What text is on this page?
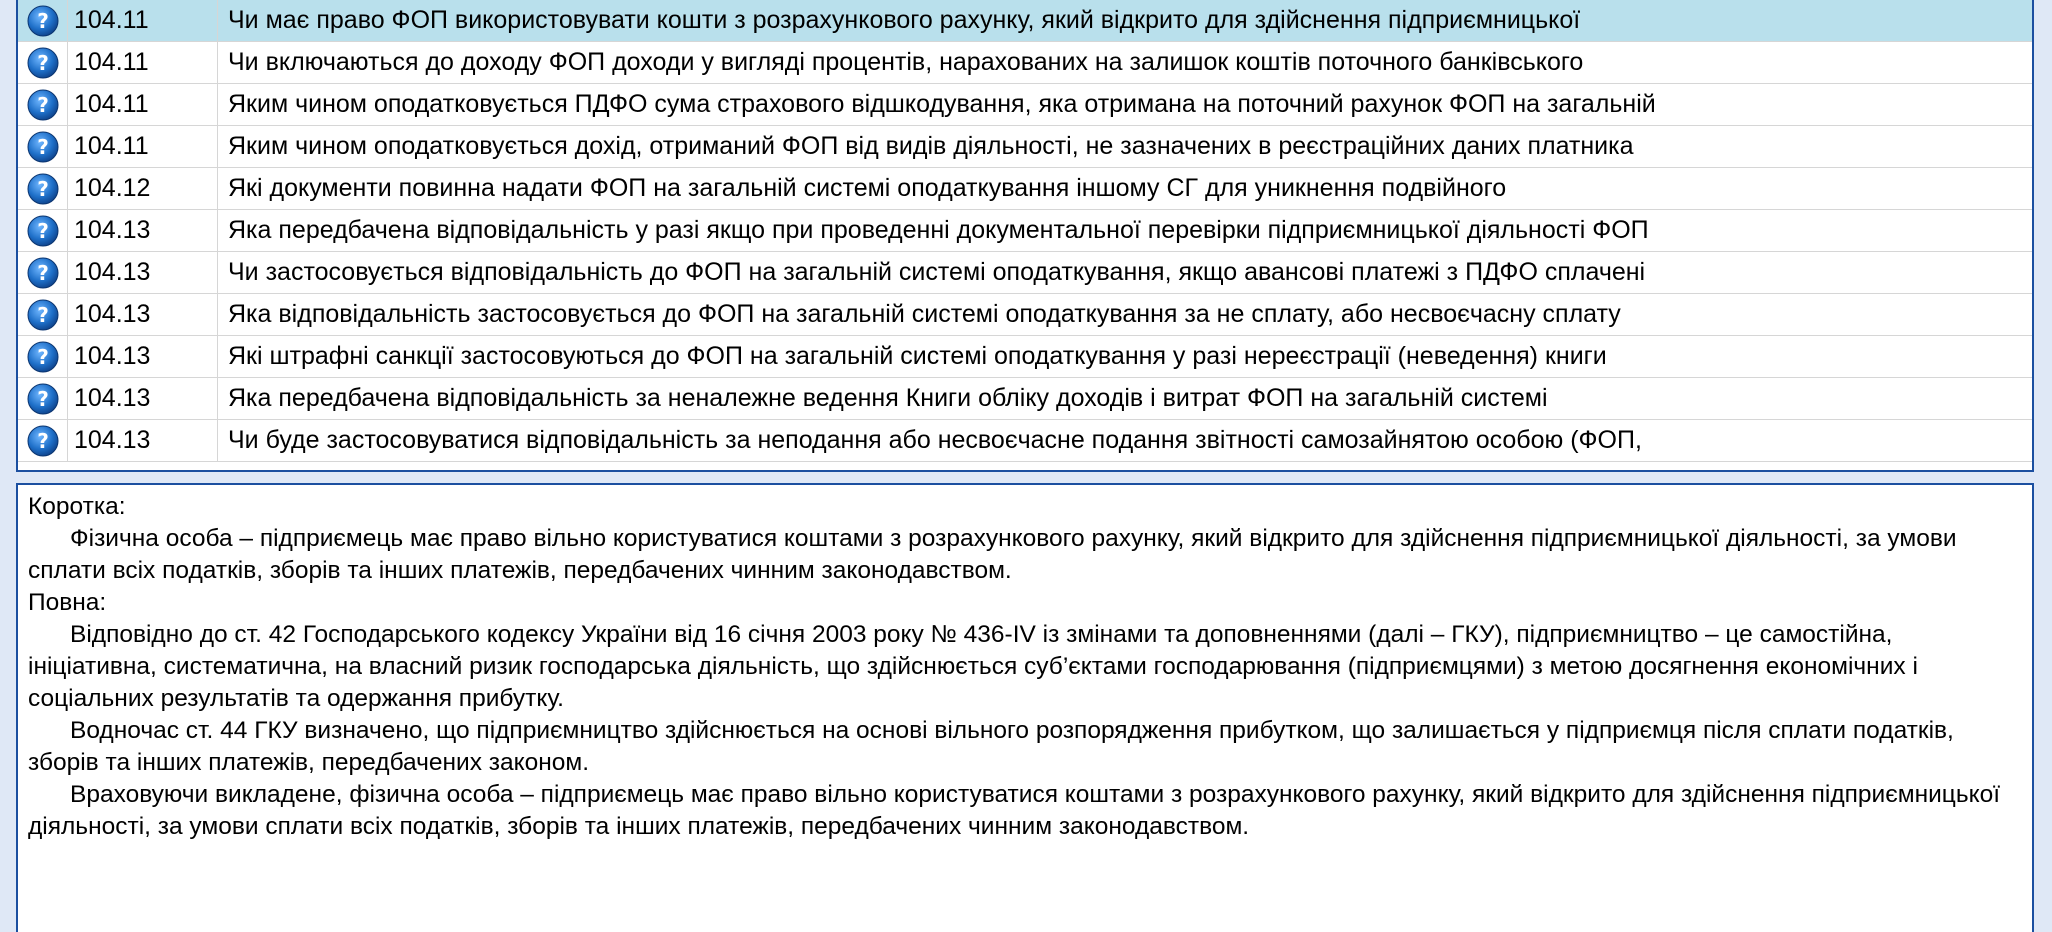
? 104.11	Чи має право ФОП використовувати кошти з розрахункового рахунку, який відкрито для здійснення підприємницької
? 104.11	Чи включаються до доходу ФОП доходи у вигляді процентів, нарахованих на залишок коштів поточного банківського
? 104.11	Яким чином оподатковується ПДФО сума страхового відшкодування, яка отримана на поточний рахунок ФОП на загальній
? 104.11	Яким чином оподатковується дохід, отриманий ФОП від видів діяльності, не зазначених в реєстраційних даних платника
? 104.12	Які документи повинна надати ФОП на загальній системі оподаткування іншому СГ для уникнення подвійного
? 104.13	Яка передбачена відповідальність у разі якщо при проведенні документальної перевірки підприємницької діяльності ФОП
? 104.13	Чи застосовується відповідальність до ФОП на загальній системі оподаткування, якщо авансові платежі з ПДФО сплачені
? 104.13	Яка відповідальність застосовується до ФОП на загальній системі оподаткування за не сплату, або несвоєчасну сплату
? 104.13	Які штрафні санкції застосовуються до ФОП на загальній системі оподаткування у разі нереєстрації (неведення) книги
? 104.13	Яка передбачена відповідальність за неналежне ведення Книги обліку доходів і витрат ФОП на загальній системі
? 104.13	Чи буде застосовуватися відповідальність за неподання або несвоєчасне подання звітності самозайнятою особою (ФОП,

Коротка:

Фізична особа – підприємець має право вільно користуватися коштами з розрахункового рахунку, який відкрито для здійснення підприємницької діяльності, за умови сплати всіх податків, зборів та інших платежів, передбачених чинним законодавством.

Повна:

Відповідно до ст. 42 Господарського кодексу України від 16 січня 2003 року № 436-IV із змінами та доповненнями (далі – ГКУ), підприємництво – це самостійна, ініціативна, систематична, на власний ризик господарська діяльність, що здійснюється суб’єктами господарювання (підприємцями) з метою досягнення економічних і соціальних результатів та одержання прибутку.

Водночас ст. 44 ГКУ визначено, що підприємництво здійснюється на основі вільного розпорядження прибутком, що залишається у підприємця після сплати податків, зборів та інших платежів, передбачених законом.

Враховуючи викладене, фізична особа – підприємець має право вільно користуватися коштами з розрахункового рахунку, який відкрито для здійснення підприємницької діяльності, за умови сплати всіх податків, зборів та інших платежів, передбачених чинним законодавством.
